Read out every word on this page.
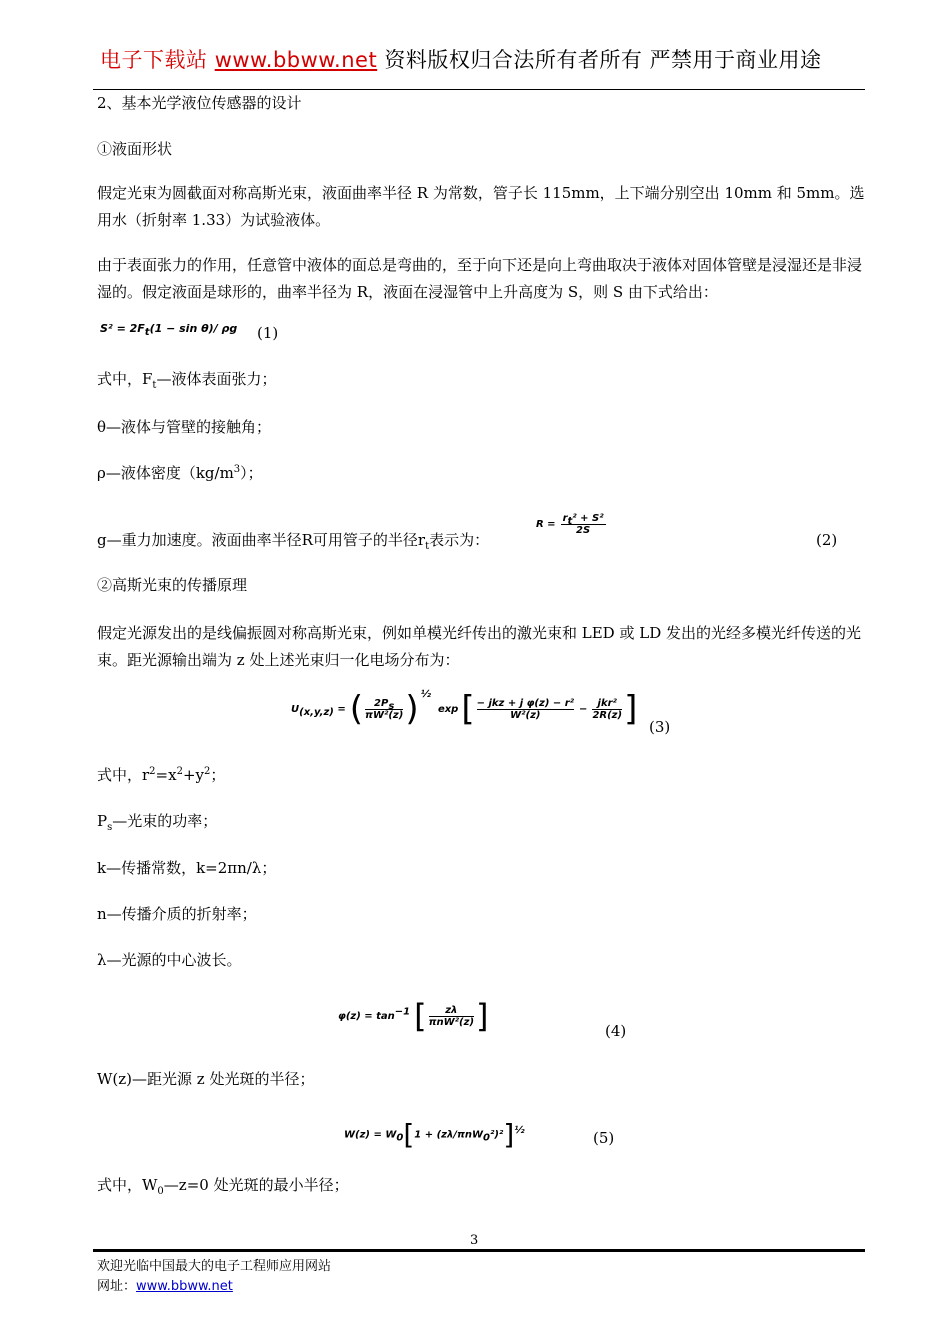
电子下载站 www.bbww.net 资料版权归合法所有者所有 严禁用于商业用途
2、基本光学液位传感器的设计
①液面形状
假定光束为圆截面对称高斯光束，液面曲率半径 R 为常数，管子长 115mm，上下端分别空出 10mm 和 5mm。选用水（折射率 1.33）为试验液体。
由于表面张力的作用，任意管中液体的面总是弯曲的，至于向下还是向上弯曲取决于液体对固体管壁是浸湿还是非浸湿的。假定液面是球形的，曲率半径为 R，液面在浸湿管中上升高度为 S，则 S 由下式给出：
$S^2 = 2F_t(1 - \sin \theta)/$ ρg (1)
式中，$F_t—$液体表面张力；
θ—液体与管壁的接触角；
ρ—液体密度$(kg/m^3)$；
g—重力加速度。液面曲率半径R可用管子的半径$r_t$表示为：
R =	
$r_t^2 + S^2$
2S
(2)
②高斯光束的传播原理
假定光源发出的是线偏振圆对称高斯光束，例如单模光纤传出的激光束和 LED 或 LD 发出的光经多模光纤传送的光束。距光源输出端为 z 处上述光束归一化电场分布为：
$U_{(x,y,z)}$ =	(	$2P_s$
πW²(z)	)	½	exp	[	− jkz + j φ(z) − r²
W²(z)
	−	
jkr²
2R(z)	] (3)
式中，$r^2=x^2+y^2$；
$P_s—$光束的功率；
k—传播常数，k=2πn/λ；
n—传播介质的折射率；
λ—光源的中心波长。
$\varphi(z) = \tan^{-1}$	[	zλ
πnW²(z)	]	(4)
W(z)—距光源 z 处光斑的半径；
$W(z) = W_0[1 + (z\lambda/\pi nW_0^2)^2]^{\frac{1}{2}}$	(5)
式中，$W_0—z=0$ 处光斑的最小半径；
3
欢迎光临中国最大的电子工程师应用网站
网址：www.bbww.net
